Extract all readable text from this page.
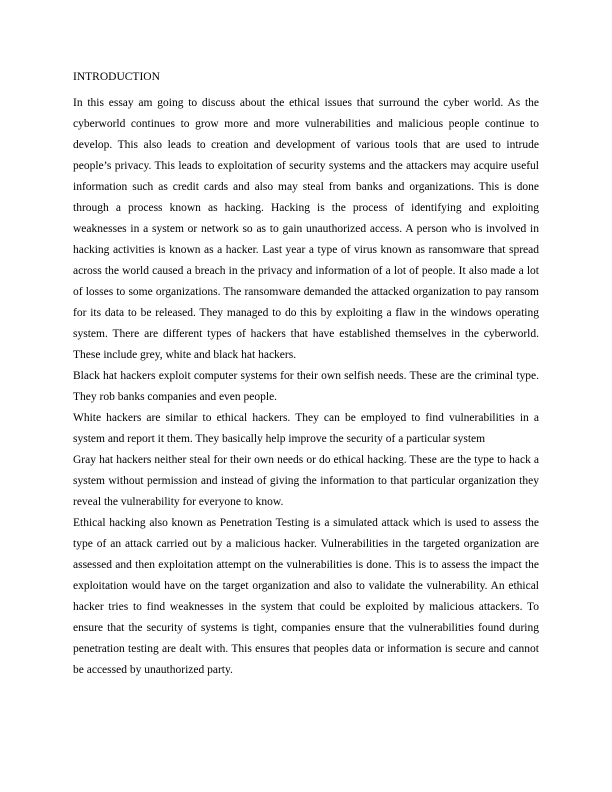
INTRODUCTION

In this essay am going to discuss about the ethical issues that surround the cyber world. As the cyberworld continues to grow more and more vulnerabilities and malicious people continue to develop. This also leads to creation and development of various tools that are used to intrude people’s privacy. This leads to exploitation of security systems and the attackers may acquire useful information such as credit cards and also may steal from banks and organizations. This is done through a process known as hacking. Hacking is the process of identifying and exploiting weaknesses in a system or network so as to gain unauthorized access. A person who is involved in hacking activities is known as a hacker. Last year a type of virus known as ransomware that spread across the world caused a breach in the privacy and information of a lot of people. It also made a lot of losses to some organizations. The ransomware demanded the attacked organization to pay ransom for its data to be released. They managed to do this by exploiting a flaw in the windows operating system. There are different types of hackers that have established themselves in the cyberworld. These include grey, white and black hat hackers.

Black hat hackers exploit computer systems for their own selfish needs. These are the criminal type. They rob banks companies and even people.

White hackers are similar to ethical hackers. They can be employed to find vulnerabilities in a system and report it them. They basically help improve the security of a particular system

Gray hat hackers neither steal for their own needs or do ethical hacking. These are the type to hack a system without permission and instead of giving the information to that particular organization they reveal the vulnerability for everyone to know.

Ethical hacking also known as Penetration Testing is a simulated attack which is used to assess the type of an attack carried out by a malicious hacker. Vulnerabilities in the targeted organization are assessed and then exploitation attempt on the vulnerabilities is done. This is to assess the impact the exploitation would have on the target organization and also to validate the vulnerability. An ethical hacker tries to find weaknesses in the system that could be exploited by malicious attackers. To ensure that the security of systems is tight, companies ensure that the vulnerabilities found during penetration testing are dealt with. This ensures that peoples data or information is secure and cannot be accessed by unauthorized party.
